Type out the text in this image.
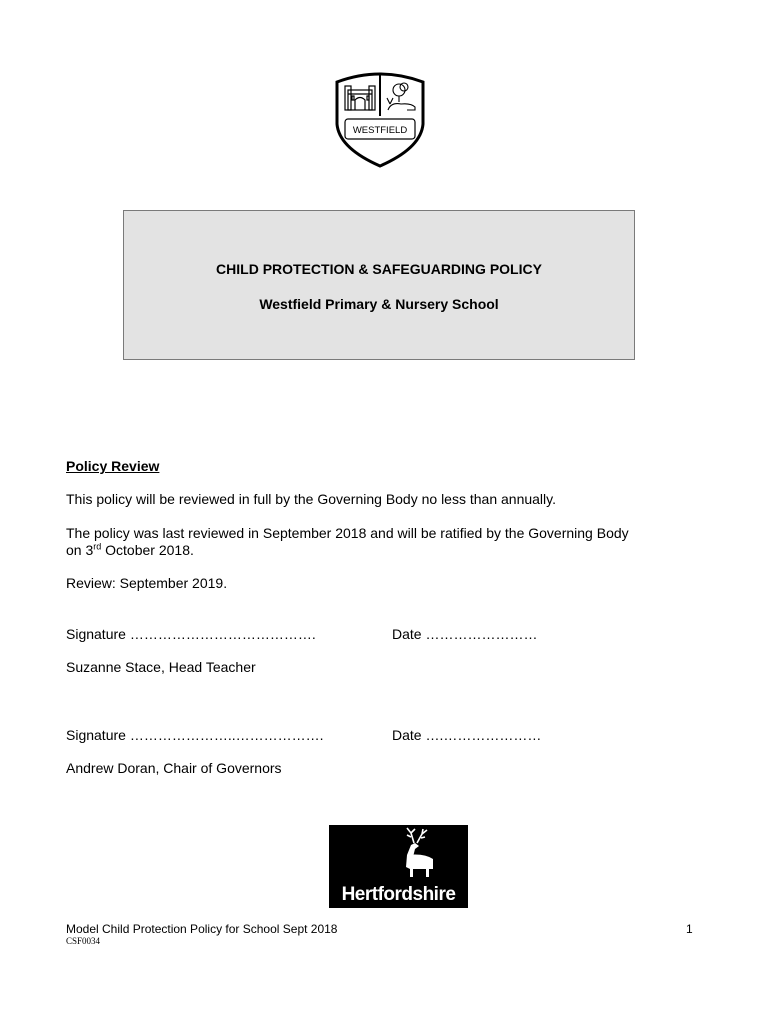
WESTFIELD
CHILD PROTECTION & SAFEGUARDING POLICY
Westfield Primary & Nursery School
Policy Review
This policy will be reviewed in full by the Governing Body no less than annually.
The policy was last reviewed in September 2018 and will be ratified by the Governing Body
on 3rd October 2018.
Review: September 2019.
Signature ………………………………….	Date ……………………
Suzanne Stace, Head Teacher
Signature …………………..……………….	Date ….…………………
Andrew Doran, Chair of Governors
Hertfordshire
Model Child Protection Policy for School Sept 2018
CSF0034
1
